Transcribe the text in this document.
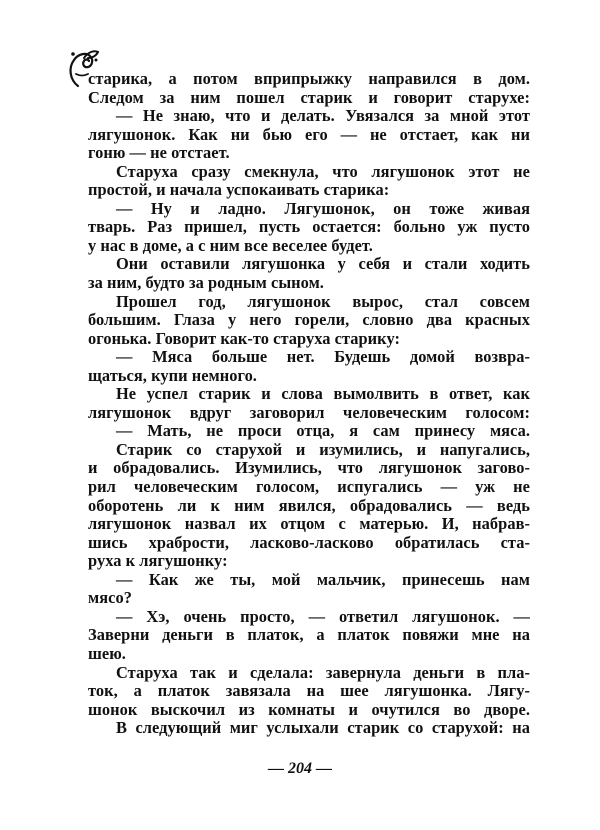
старика, а потом вприпрыжку направился в дом.
Следом за ним пошел старик и говорит старухе:
— Не знаю, что и делать. Увязался за мной этот
лягушонок. Как ни бью его — не отстает, как ни
гоню — не отстает.
Старуха сразу смекнула, что лягушонок этот не
простой, и начала успокаивать старика:
— Ну и ладно. Лягушонок, он тоже живая
тварь. Раз пришел, пусть остается: больно уж пусто
у нас в доме, а с ним все веселее будет.
Они оставили лягушонка у себя и стали ходить
за ним, будто за родным сыном.
Прошел год, лягушонок вырос, стал совсем
большим. Глаза у него горели, словно два красных
огонька. Говорит как-то старуха старику:
— Мяса больше нет. Будешь домой возвра-
щаться, купи немного.
Не успел старик и слова вымолвить в ответ, как
лягушонок вдруг заговорил человеческим голосом:
— Мать, не проси отца, я сам принесу мяса.
Старик со старухой и изумились, и напугались,
и обрадовались. Изумились, что лягушонок загово-
рил человеческим голосом, испугались — уж не
оборотень ли к ним явился, обрадовались — ведь
лягушонок назвал их отцом с матерью. И, набрав-
шись храбрости, ласково-ласково обратилась ста-
руха к лягушонку:
— Как же ты, мой мальчик, принесешь нам
мясо?
— Хэ, очень просто, — ответил лягушонок. —
Заверни деньги в платок, а платок повяжи мне на
шею.
Старуха так и сделала: завернула деньги в пла-
ток, а платок завязала на шее лягушонка. Лягу-
шонок выскочил из комнаты и очутился во дворе.
В следующий миг услыхали старик со старухой: на
— 204 —
